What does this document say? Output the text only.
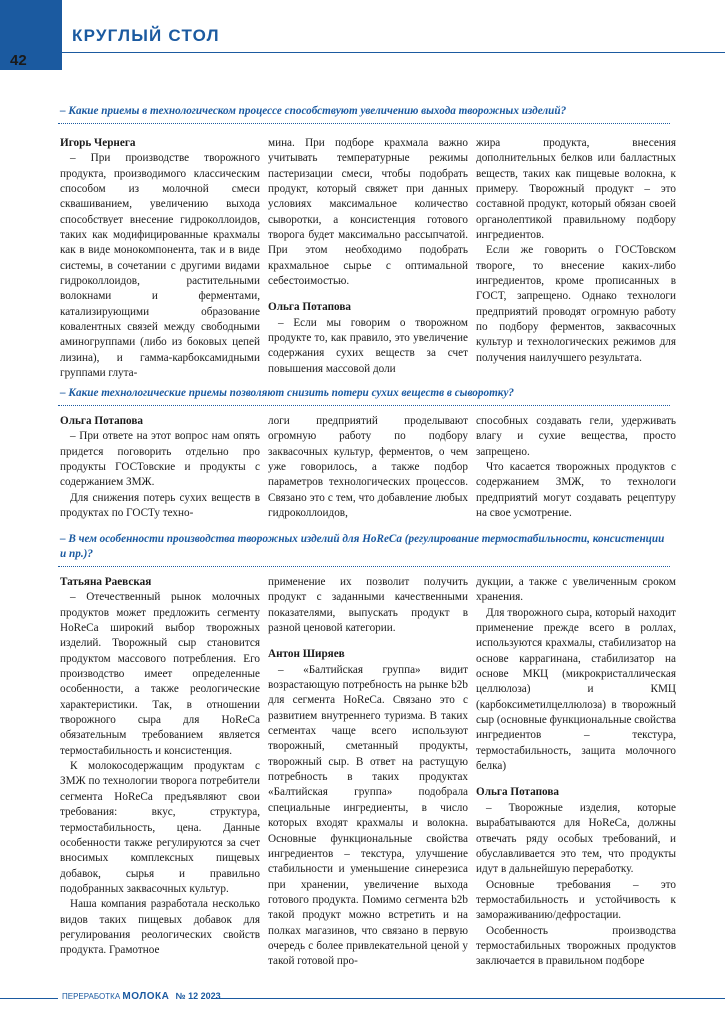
42
КРУГЛЫЙ СТОЛ
– Какие приемы в технологическом процессе способствуют увеличению выхода творожных изделий?

Игорь Чернега

– При производстве творожного продукта, производимого классическим способом из молочной смеси сквашиванием, увеличению выхода способствует внесение гидроколлоидов, таких как модифицированные крахмалы как в виде монокомпонента, так и в виде системы, в сочетании с другими видами гидроколлоидов, растительными волокнами и ферментами, катализирующими образование ковалентных связей между свободными аминогруппами (либо из боковых цепей лизина), и гамма-карбоксамидными группами глута-

мина. При подборе крахмала важно учитывать температурные режимы пастеризации смеси, чтобы подобрать продукт, который свяжет при данных условиях максимальное количество сыворотки, а консистенция готового творога будет максимально рассыпчатой. При этом необходимо подобрать крахмальное сырье с оптимальной себестоимостью.

Ольга Потапова

– Если мы говорим о творожном продукте то, как правило, это увеличение содержания сухих веществ за счет повышения массовой доли

жира продукта, внесения дополнительных белков или балластных веществ, таких как пищевые волокна, к примеру. Творожный продукт – это составной продукт, который обязан своей органолептикой правильному подбору ингредиентов.

Если же говорить о ГОСТовском твороге, то внесение каких-либо ингредиентов, кроме прописанных в ГОСТ, запрещено. Однако технологи предприятий проводят огромную работу по подбору ферментов, заквасочных культур и технологических режимов для получения наилучшего результата.

– Какие технологические приемы позволяют снизить потери сухих веществ в сыворотку?

Ольга Потапова

– При ответе на этот вопрос нам опять придется поговорить отдельно про продукты ГОСТовские и продукты с содержанием ЗМЖ.

Для снижения потерь сухих веществ в продуктах по ГОСТу техно-

логи предприятий проделывают огромную работу по подбору заквасочных культур, ферментов, о чем уже говорилось, а также подбор параметров технологических процессов. Связано это с тем, что добавление любых гидроколлоидов,

способных создавать гели, удерживать влагу и сухие вещества, просто запрещено.

Что касается творожных продуктов с содержанием ЗМЖ, то технологи предприятий могут создавать рецептуру на свое усмотрение.

– В чем особенности производства творожных изделий для HoReCa (регулирование термостабильности, консистенции и пр.)?

Татьяна Раевская

– Отечественный рынок молочных продуктов может предложить сегменту HoReCa широкий выбор творожных изделий. Творожный сыр становится продуктом массового потребления. Его производство имеет определенные особенности, а также реологические характеристики. Так, в отношении творожного сыра для HoReCa обязательным требованием является термостабильность и консистенция.

К молокосодержащим продуктам с ЗМЖ по технологии творога потребители сегмента HoReCa предъявляют свои требования: вкус, структура, термостабильность, цена. Данные особенности также регулируются за счет вносимых комплексных пищевых добавок, сырья и правильно подобранных заквасочных культур.

Наша компания разработала несколько видов таких пищевых добавок для регулирования реологических свойств продукта. Грамотное

применение их позволит получить продукт с заданными качественными показателями, выпускать продукт в разной ценовой категории.

Антон Ширяев

– «Балтийская группа» видит возрастающую потребность на рынке b2b для сегмента HoReCa. Связано это с развитием внутреннего туризма. В таких сегментах чаще всего используют творожный, сметанный продукты, творожный сыр. В ответ на растущую потребность в таких продуктах «Балтийская группа» подобрала специальные ингредиенты, в число которых входят крахмалы и волокна. Основные функциональные свойства ингредиентов – текстура, улучшение стабильности и уменьшение синерезиса при хранении, увеличение выхода готового продукта. Помимо сегмента b2b такой продукт можно встретить и на полках магазинов, что связано в первую очередь с более привлекательной ценой у такой готовой про-

дукции, а также с увеличенным сроком хранения.

Для творожного сыра, который находит применение прежде всего в роллах, используются крахмалы, стабилизатор на основе каррагинана, стабилизатор на основе МКЦ (микрокристаллическая целлюлоза) и КМЦ (карбоксиметилцеллюлоза) в творожный сыр (основные функциональные свойства ингредиентов – текстура, термостабильность, защита молочного белка)

Ольга Потапова

– Творожные изделия, которые вырабатываются для HoReCa, должны отвечать ряду особых требований, и обуславливается это тем, что продукты идут в дальнейшую переработку.

Основные требования – это термостабильность и устойчивость к замораживанию/дефростации.

Особенность производства термостабильных творожных продуктов заключается в правильном подборе

ПЕРЕРАБОТКА МОЛОКА № 12 2023
